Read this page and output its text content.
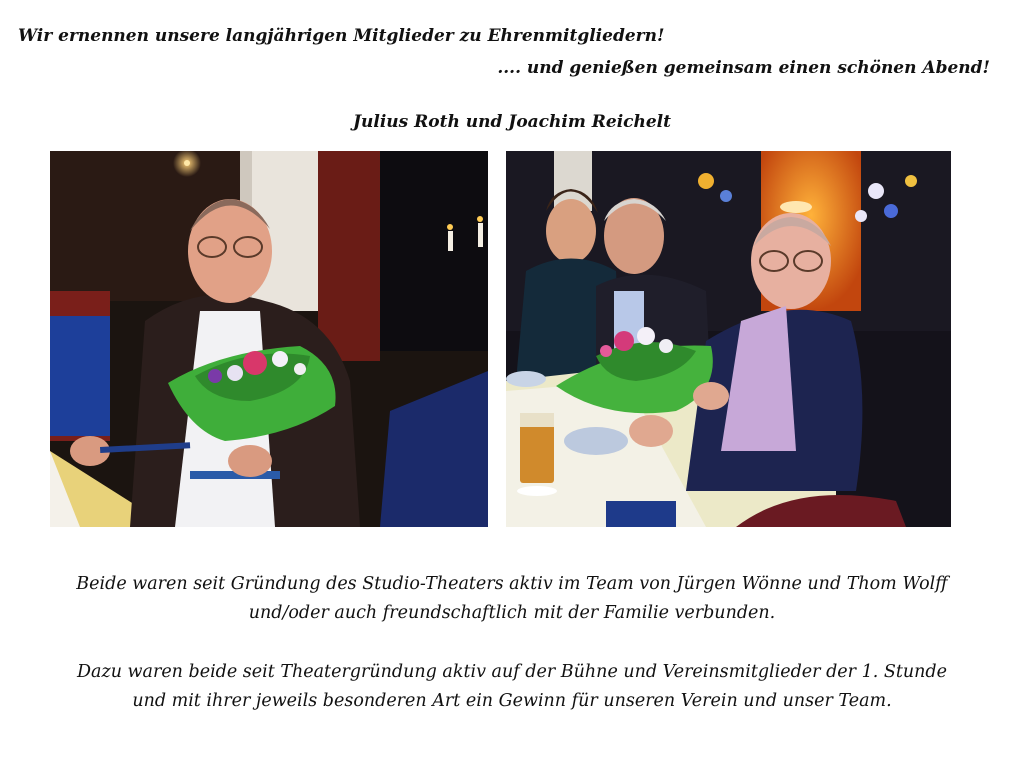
Wir ernennen unsere langjährigen Mitglieder zu Ehrenmitgliedern!
.... und genießen gemeinsam einen schönen Abend!
Julius Roth und Joachim Reichelt
Beide waren seit Gründung des Studio-Theaters aktiv im Team von Jürgen Wönne und Thom Wolff
und/oder auch freundschaftlich mit der Familie verbunden.
Dazu waren beide seit Theatergründung aktiv auf der Bühne und Vereinsmitglieder der 1. Stunde
und mit ihrer jeweils besonderen Art ein Gewinn für unseren Verein und unser Team.
